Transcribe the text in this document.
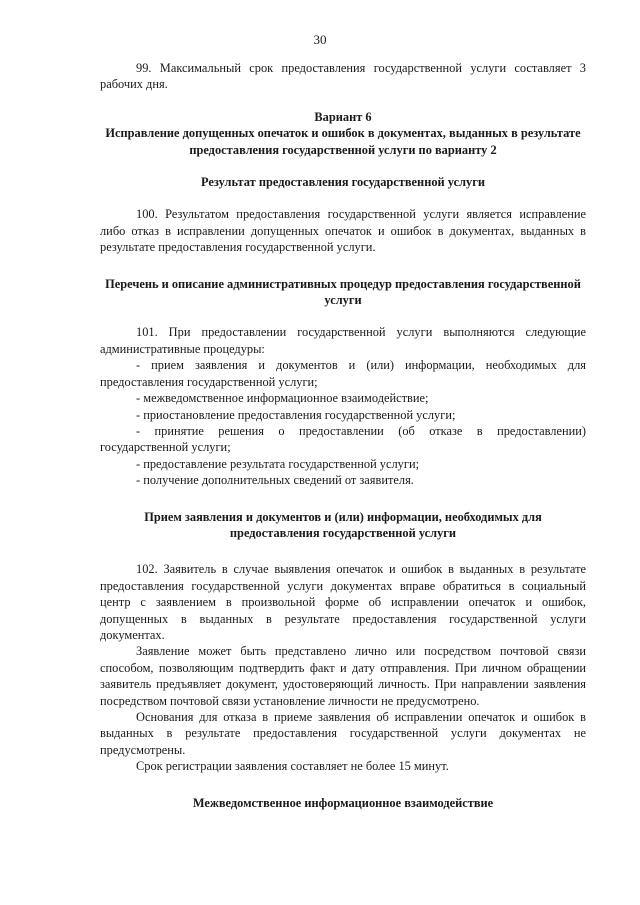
30

99. Максимальный срок предоставления государственной услуги составляет 3 рабочих дня.

Вариант 6

Исправление допущенных опечаток и ошибок в документах, выданных в результате предоставления государственной услуги по варианту 2

Результат предоставления государственной услуги

100. Результатом предоставления государственной услуги является исправление либо отказ в исправлении допущенных опечаток и ошибок в документах, выданных в результате предоставления государственной услуги.

Перечень и описание административных процедур предоставления государственной услуги

101. При предоставлении государственной услуги выполняются следующие административные процедуры:

- прием заявления и документов и (или) информации, необходимых для предоставления государственной услуги;

- межведомственное информационное взаимодействие;

- приостановление предоставления государственной услуги;

- принятие решения о предоставлении (об отказе в предоставлении) государственной услуги;

- предоставление результата государственной услуги;

- получение дополнительных сведений от заявителя.

Прием заявления и документов и (или) информации, необходимых для предоставления государственной услуги

102. Заявитель в случае выявления опечаток и ошибок в выданных в результате предоставления государственной услуги документах вправе обратиться в социальный центр с заявлением в произвольной форме об исправлении опечаток и ошибок, допущенных в выданных в результате предоставления государственной услуги документах.

Заявление может быть представлено лично или посредством почтовой связи способом, позволяющим подтвердить факт и дату отправления. При личном обращении заявитель предъявляет документ, удостоверяющий личность. При направлении заявления посредством почтовой связи установление личности не предусмотрено.

Основания для отказа в приеме заявления об исправлении опечаток и ошибок в выданных в результате предоставления государственной услуги документах не предусмотрены.

Срок регистрации заявления составляет не более 15 минут.

Межведомственное информационное взаимодействие
